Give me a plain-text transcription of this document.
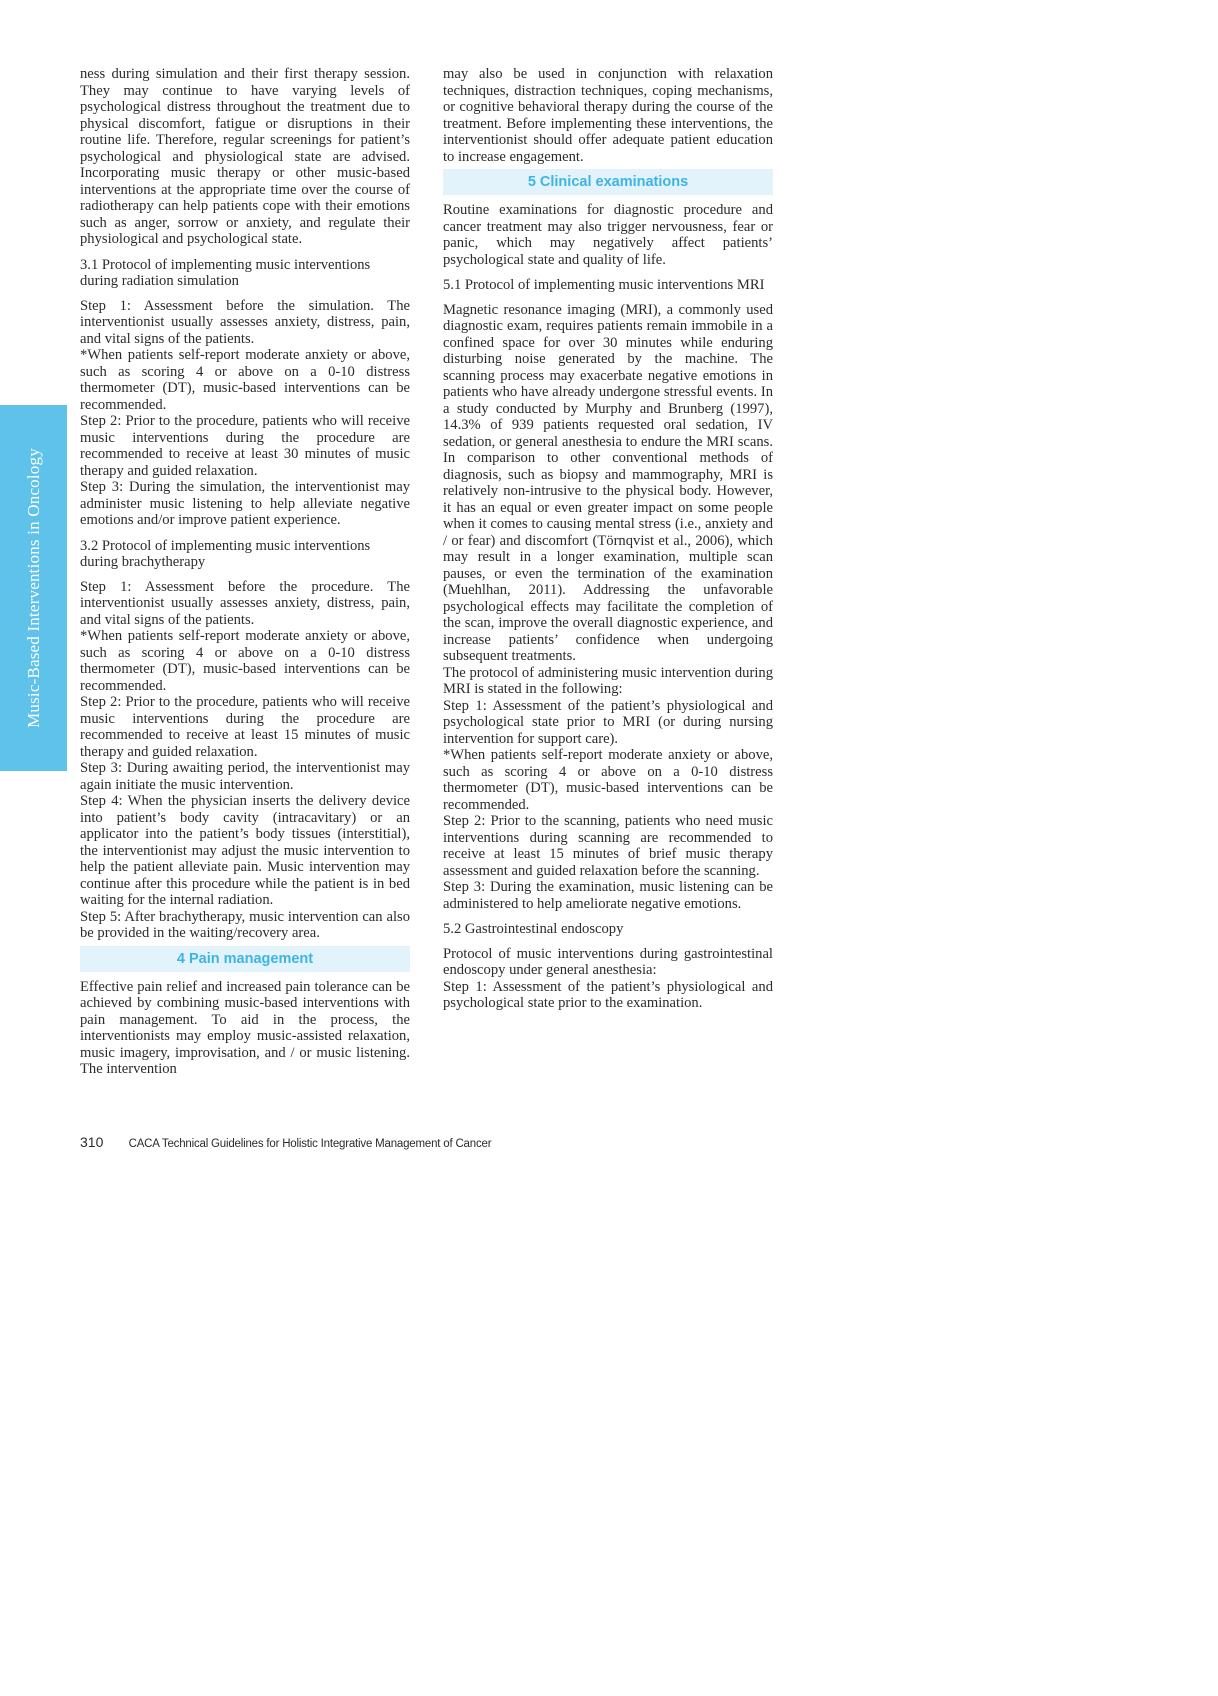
Music-Based Interventions in Oncology

ness during simulation and their first therapy session. They may continue to have varying levels of psychological distress throughout the treatment due to physical discomfort, fatigue or disruptions in their routine life. Therefore, regular screenings for patient’s psychological and physiological state are advised. Incorporating music therapy or other music-based interventions at the appropriate time over the course of radiotherapy can help patients cope with their emotions such as anger, sorrow or anxiety, and regulate their physiological and psychological state.

3.1 Protocol of implementing music interventions during radiation simulation

Step 1: Assessment before the simulation. The interventionist usually assesses anxiety, distress, pain, and vital signs of the patients.

*When patients self-report moderate anxiety or above, such as scoring 4 or above on a 0-10 distress thermometer (DT), music-based interventions can be recommended.

Step 2: Prior to the procedure, patients who will receive music interventions during the procedure are recommended to receive at least 30 minutes of music therapy and guided relaxation.

Step 3: During the simulation, the interventionist may administer music listening to help alleviate negative emotions and/or improve patient experience.

3.2 Protocol of implementing music interventions during brachytherapy

Step 1: Assessment before the procedure. The interventionist usually assesses anxiety, distress, pain, and vital signs of the patients.

*When patients self-report moderate anxiety or above, such as scoring 4 or above on a 0-10 distress thermometer (DT), music-based interventions can be recommended.

Step 2: Prior to the procedure, patients who will receive music interventions during the procedure are recommended to receive at least 15 minutes of music therapy and guided relaxation.

Step 3: During awaiting period, the interventionist may again initiate the music intervention.

Step 4: When the physician inserts the delivery device into patient’s body cavity (intracavitary) or an applicator into the patient’s body tissues (interstitial), the interventionist may adjust the music intervention to help the patient alleviate pain. Music intervention may continue after this procedure while the patient is in bed waiting for the internal radiation.

Step 5: After brachytherapy, music intervention can also be provided in the waiting/recovery area.

4 Pain management

Effective pain relief and increased pain tolerance can be achieved by combining music-based interventions with pain management. To aid in the process, the interventionists may employ music-assisted relaxation, music imagery, improvisation, and / or music listening. The intervention

may also be used in conjunction with relaxation techniques, distraction techniques, coping mechanisms, or cognitive behavioral therapy during the course of the treatment. Before implementing these interventions, the interventionist should offer adequate patient education to increase engagement.

5 Clinical examinations

Routine examinations for diagnostic procedure and cancer treatment may also trigger nervousness, fear or panic, which may negatively affect patients’ psychological state and quality of life.

5.1 Protocol of implementing music interventions MRI

Magnetic resonance imaging (MRI), a commonly used diagnostic exam, requires patients remain immobile in a confined space for over 30 minutes while enduring disturbing noise generated by the machine. The scanning process may exacerbate negative emotions in patients who have already undergone stressful events. In a study conducted by Murphy and Brunberg (1997), 14.3% of 939 patients requested oral sedation, IV sedation, or general anesthesia to endure the MRI scans. In comparison to other conventional methods of diagnosis, such as biopsy and mammography, MRI is relatively non-intrusive to the physical body. However, it has an equal or even greater impact on some people when it comes to causing mental stress (i.e., anxiety and / or fear) and discomfort (Törnqvist et al., 2006), which may result in a longer examination, multiple scan pauses, or even the termination of the examination (Muehlhan, 2011). Addressing the unfavorable psychological effects may facilitate the completion of the scan, improve the overall diagnostic experience, and increase patients’ confidence when undergoing subsequent treatments.

The protocol of administering music intervention during MRI is stated in the following:

Step 1: Assessment of the patient’s physiological and psychological state prior to MRI (or during nursing intervention for support care).

*When patients self-report moderate anxiety or above, such as scoring 4 or above on a 0-10 distress thermometer (DT), music-based interventions can be recommended.

Step 2: Prior to the scanning, patients who need music interventions during scanning are recommended to receive at least 15 minutes of brief music therapy assessment and guided relaxation before the scanning.

Step 3: During the examination, music listening can be administered to help ameliorate negative emotions.

5.2 Gastrointestinal endoscopy

Protocol of music interventions during gastrointestinal endoscopy under general anesthesia:

Step 1: Assessment of the patient’s physiological and psychological state prior to the examination.

310 CACA Technical Guidelines for Holistic Integrative Management of Cancer
